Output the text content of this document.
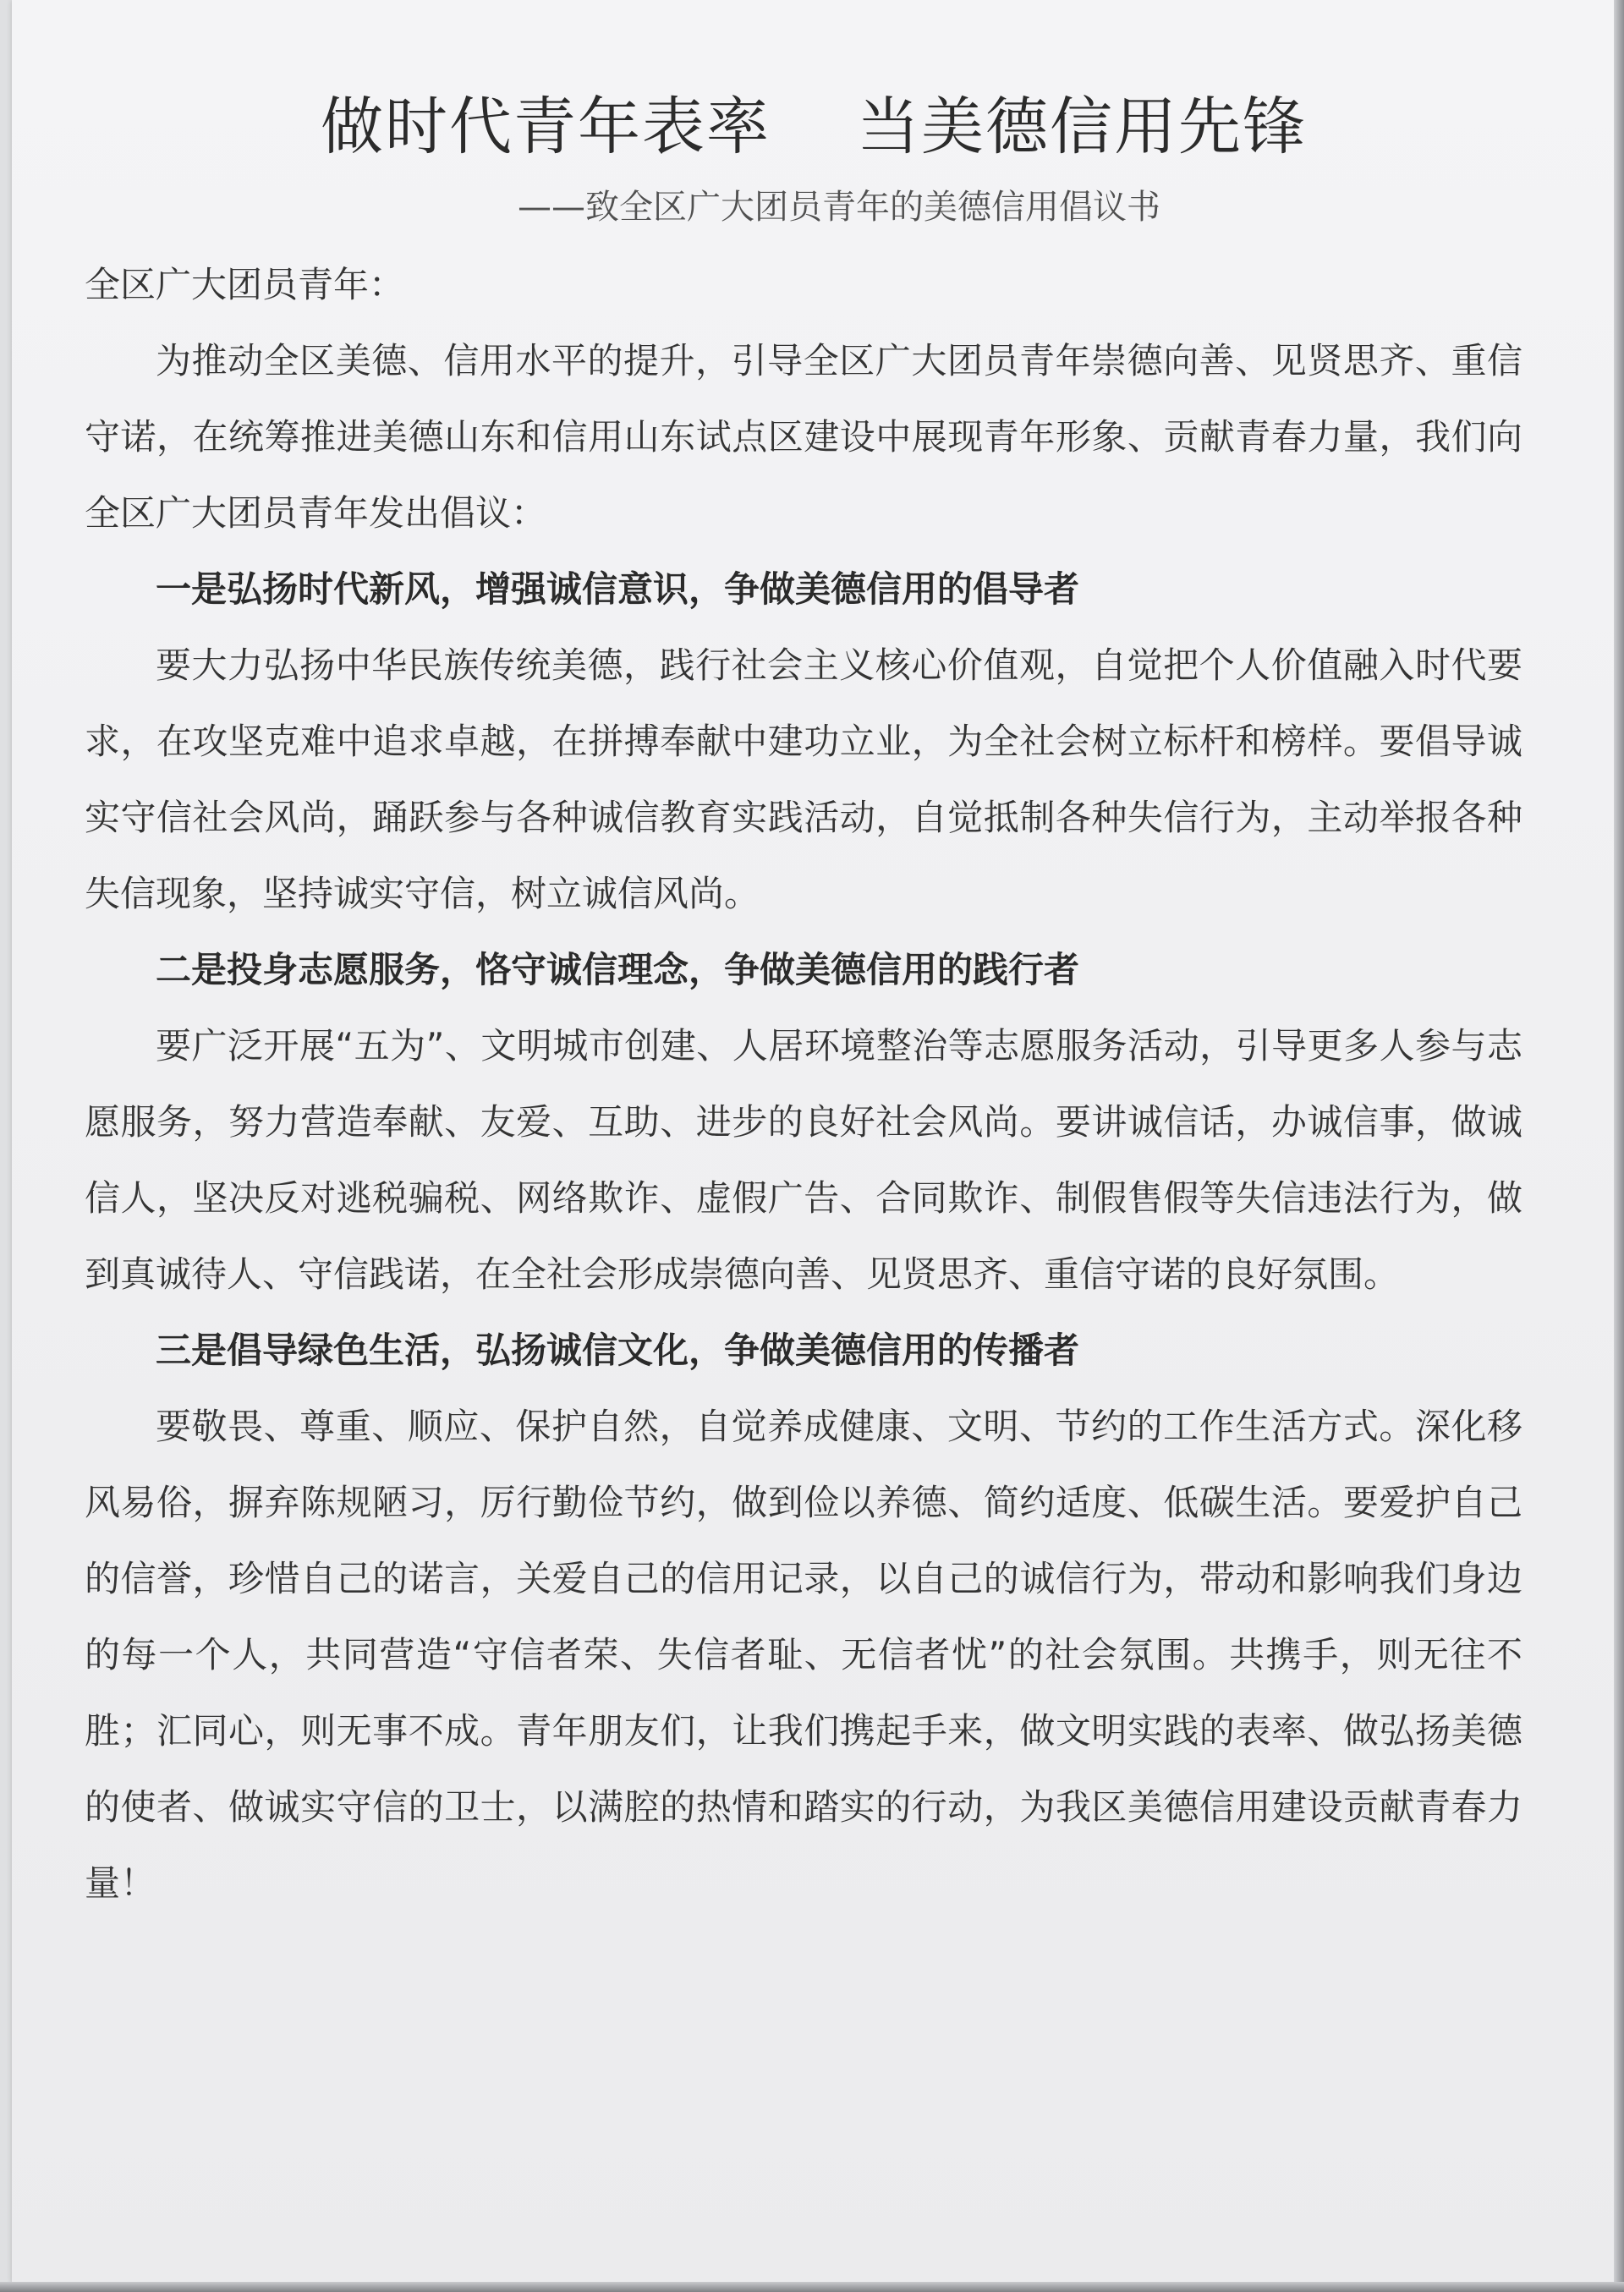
做时代青年表率    当美德信用先锋
——致全区广大团员青年的美德信用倡议书

全区广大团员青年：

为推动全区美德、信用水平的提升，引导全区广大团员青年崇德向善、见贤思齐、重信守诺，在统筹推进美德山东和信用山东试点区建设中展现青年形象、贡献青春力量，我们向全区广大团员青年发出倡议：

一是弘扬时代新风，增强诚信意识，争做美德信用的倡导者

要大力弘扬中华民族传统美德，践行社会主义核心价值观，自觉把个人价值融入时代要求，在攻坚克难中追求卓越，在拼搏奉献中建功立业，为全社会树立标杆和榜样。要倡导诚实守信社会风尚，踊跃参与各种诚信教育实践活动，自觉抵制各种失信行为，主动举报各种失信现象，坚持诚实守信，树立诚信风尚。

二是投身志愿服务，恪守诚信理念，争做美德信用的践行者

要广泛开展“五为”、文明城市创建、人居环境整治等志愿服务活动，引导更多人参与志愿服务，努力营造奉献、友爱、互助、进步的良好社会风尚。要讲诚信话，办诚信事，做诚信人，坚决反对逃税骗税、网络欺诈、虚假广告、合同欺诈、制假售假等失信违法行为，做到真诚待人、守信践诺，在全社会形成崇德向善、见贤思齐、重信守诺的良好氛围。

三是倡导绿色生活，弘扬诚信文化，争做美德信用的传播者

要敬畏、尊重、顺应、保护自然，自觉养成健康、文明、节约的工作生活方式。深化移风易俗，摒弃陈规陋习，厉行勤俭节约，做到俭以养德、简约适度、低碳生活。要爱护自己的信誉，珍惜自己的诺言，关爱自己的信用记录，以自己的诚信行为，带动和影响我们身边的每一个人，共同营造“守信者荣、失信者耻、无信者忧”的社会氛围。共携手，则无往不胜；汇同心，则无事不成。青年朋友们，让我们携起手来，做文明实践的表率、做弘扬美德的使者、做诚实守信的卫士，以满腔的热情和踏实的行动，为我区美德信用建设贡献青春力量！
